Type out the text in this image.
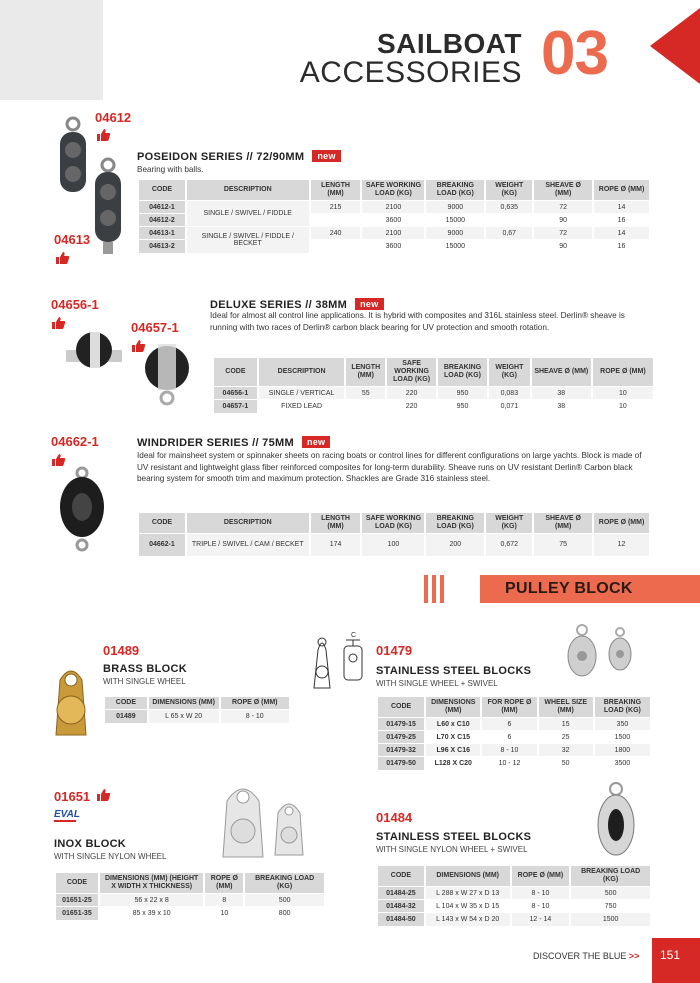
SAILBOAT
ACCESSORIES 03
04612
04613
POSEIDON SERIES // 72/90MM new
Bearing with balls.
CODE	DESCRIPTION	LENGTH (MM)	SAFE WORKING LOAD (KG)	BREAKING LOAD (KG)	WEIGHT (KG)	SHEAVE Ø (MM)	ROPE Ø (MM)
04612-1	SINGLE / SWIVEL / FIDDLE	215	2100	9000	0,635	72	14
04612-2			3600	15000		90	16
04613-1	SINGLE / SWIVEL / FIDDLE / BECKET	240	2100	9000	0,67	72	14
04613-2			3600	15000		90	16
04656-1
04657-1
DELUXE SERIES // 38MM new
Ideal for almost all control line applications. It is hybrid with composites and 316L stainless steel. Derlin® sheave is running with two races of Derlin® carbon black bearing for UV protection and smooth rotation.
CODE	DESCRIPTION	LENGTH (MM)	SAFE WORKING LOAD (KG)	BREAKING LOAD (KG)	WEIGHT (KG)	SHEAVE Ø (MM)	ROPE Ø (MM)
04656-1	SINGLE / VERTICAL	55	220	950	0,083	38	10
04657-1	FIXED LEAD		220	950	0,071	38	10
04662-1	WINDRIDER SERIES // 75MM new
Ideal for mainsheet system or spinnaker sheets on racing boats or control lines for different configurations on large yachts. Block is made of UV resistant and lightweight glass fiber reinforced composites for long-term durability. Sheave runs on UV resistant Derlin® Carbon black bearing system for smooth trim and maximum protection. Shackles are Grade 316 stainless steel.
CODE	DESCRIPTION	LENGTH (MM)	SAFE WORKING LOAD (KG)	BREAKING LOAD (KG)	WEIGHT (KG)	SHEAVE Ø (MM)	ROPE Ø (MM)
04662-1	TRIPLE / SWIVEL / CAM / BECKET	174	100	200	0,672	75	12
PULLEY BLOCK
01489
BRASS BLOCK
WITH SINGLE WHEEL
CODE	DIMENSIONS (MM)	ROPE Ø (MM)
01489	L 65 x W 20	8 - 10
C
01479
STAINLESS STEEL BLOCKS
WITH SINGLE WHEEL + SWIVEL
CODE	DIMENSIONS (MM)	FOR ROPE Ø (MM)	WHEEL SIZE (MM)	BREAKING LOAD (KG)
01479-15	L60 x C10	6	15	350
01479-25	L70 X C15	6	25	1500
01479-32	L96 X C16	8 - 10	32	1800
01479-50	L128 X C20	10 - 12	50	3500
01651
EVAL
INOX BLOCK
WITH SINGLE NYLON WHEEL
CODE	DIMENSIONS (MM) (HEIGHT X WIDTH X THICKNESS)	ROPE Ø (MM)	BREAKING LOAD (KG)
01651-25	56 x 22 x 8	8	500
01651-35	85 x 39 x 10	10	800
01484
STAINLESS STEEL BLOCKS
WITH SINGLE NYLON WHEEL + SWIVEL
CODE	DIMENSIONS (MM)	ROPE Ø (MM)	BREAKING LOAD (KG)
01484-25	L 288 x W 27 x D 13	8 - 10	500
01484-32	L 104 x W 35 x D 15	8 - 10	750
01484-50	L 143 x W 54 x D 20	12 - 14	1500
DISCOVER THE BLUE >>	151
